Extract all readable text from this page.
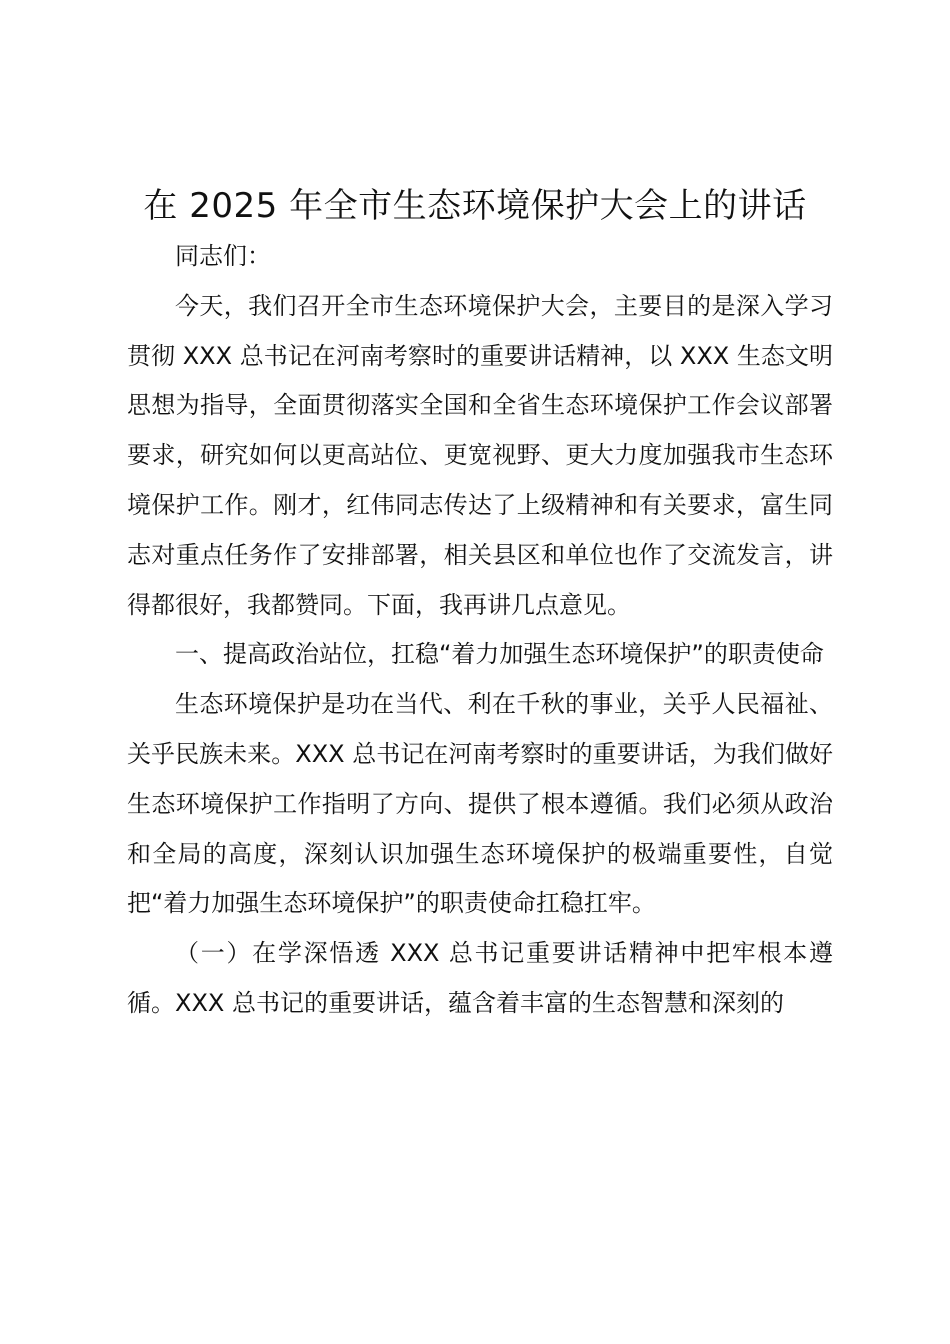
在 2025 年全市生态环境保护大会上的讲话

同志们：

今天，我们召开全市生态环境保护大会，主要目的是深入学习贯彻 XXX 总书记在河南考察时的重要讲话精神，以 XXX 生态文明思想为指导，全面贯彻落实全国和全省生态环境保护工作会议部署要求，研究如何以更高站位、更宽视野、更大力度加强我市生态环境保护工作。刚才，红伟同志传达了上级精神和有关要求，富生同志对重点任务作了安排部署，相关县区和单位也作了交流发言，讲得都很好，我都赞同。下面，我再讲几点意见。

一、提高政治站位，扛稳“着力加强生态环境保护”的职责使命

生态环境保护是功在当代、利在千秋的事业，关乎人民福祉、关乎民族未来。XXX 总书记在河南考察时的重要讲话，为我们做好生态环境保护工作指明了方向、提供了根本遵循。我们必须从政治和全局的高度，深刻认识加强生态环境保护的极端重要性，自觉把“着力加强生态环境保护”的职责使命扛稳扛牢。

（一）在学深悟透 XXX 总书记重要讲话精神中把牢根本遵循。XXX 总书记的重要讲话，蕴含着丰富的生态智慧和深刻的
